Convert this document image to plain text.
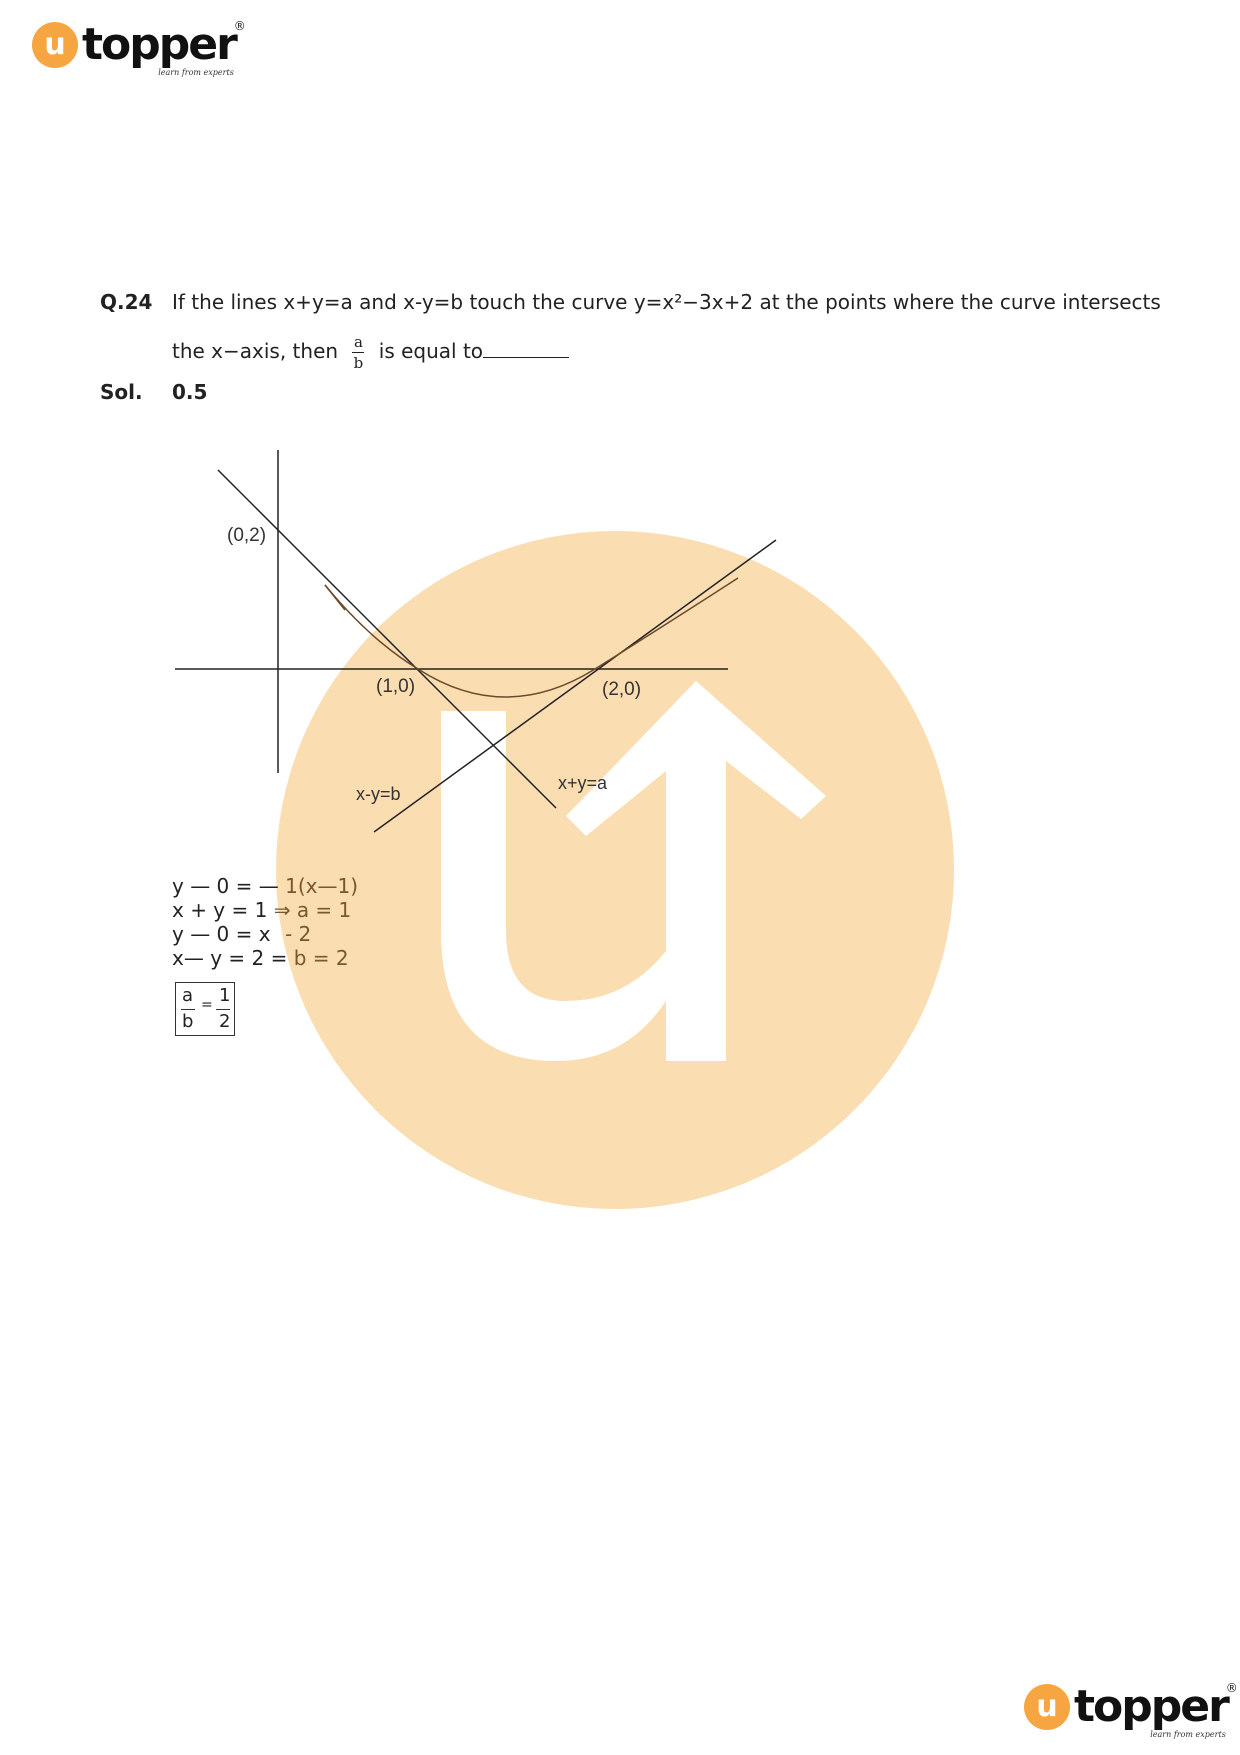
u topper
®
learn from experts
Q.24 If the lines x+y=a and x-y=b touch the curve y=x²−3x+2 at the points where the curve intersects
the x−axis, then $\frac{a}{b}$ is equal to
Sol.	0.5
(0,2)
(1,0)	(2,0)
x-y=b
x+y=a
y — 0 = — 1(x—1)
x + y = 1 ⇒ a = 1
y — 0 = x - 2
x— y = 2 = b = 2
a
b
= 1
2
u topper
®
learn from experts
